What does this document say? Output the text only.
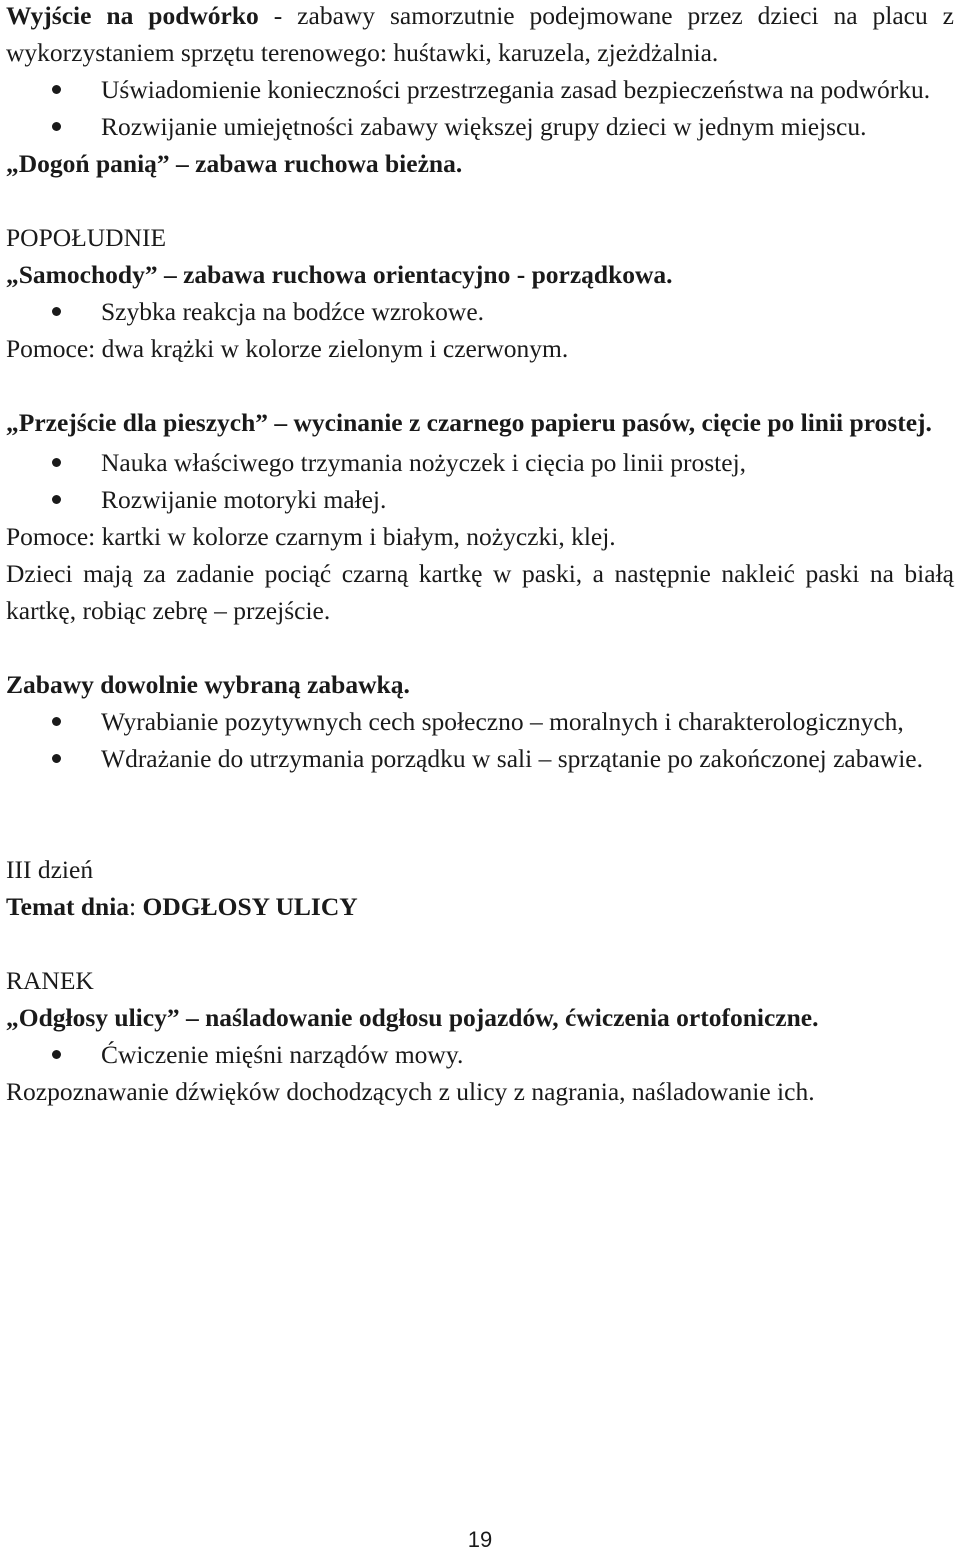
Wyjście na podwórko - zabawy samorzutnie podejmowane przez dzieci na placu z wykorzystaniem sprzętu terenowego: huśtawki, karuzela, zjeżdżalnia.

Uświadomienie konieczności przestrzegania zasad bezpieczeństwa na podwórku.
Rozwijanie umiejętności zabawy większej grupy dzieci w jednym miejscu.

„Dogoń panią” – zabawa ruchowa bieżna.

POPOŁUDNIE

„Samochody” – zabawa ruchowa orientacyjno - porządkowa.

Szybka reakcja na bodźce wzrokowe.

Pomoce: dwa krążki w kolorze zielonym i czerwonym.

„Przejście dla pieszych” – wycinanie z czarnego papieru pasów, cięcie po linii prostej.

Nauka właściwego trzymania nożyczek i cięcia po linii prostej,
Rozwijanie motoryki małej.

Pomoce: kartki w kolorze czarnym i białym, nożyczki, klej.

Dzieci mają za zadanie pociąć czarną kartkę w paski, a następnie nakleić paski na białą kartkę, robiąc zebrę – przejście.

Zabawy dowolnie wybraną zabawką.

Wyrabianie pozytywnych cech społeczno – moralnych i charakterologicznych,
Wdrażanie do utrzymania porządku w sali – sprzątanie po zakończonej zabawie.

III dzień

Temat dnia: ODGŁOSY ULICY

RANEK

„Odgłosy ulicy” – naśladowanie odgłosu pojazdów, ćwiczenia ortofoniczne.

Ćwiczenie mięśni narządów mowy.

Rozpoznawanie dźwięków dochodzących z ulicy z nagrania, naśladowanie ich.

19
